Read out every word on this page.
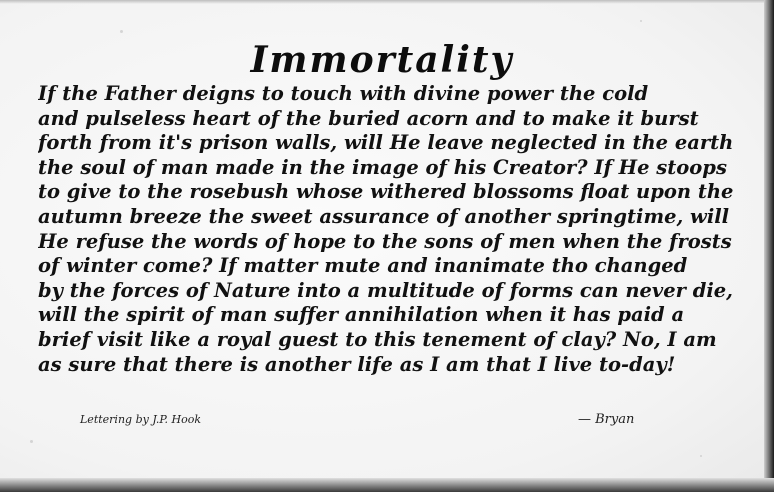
Immortality
If the Father deigns to touch with divine power the cold
and pulseless heart of the buried acorn and to make it burst
forth from it's prison walls, will He leave neglected in the earth
the soul of man made in the image of his Creator? If He stoops
to give to the rosebush whose withered blossoms float upon the
autumn breeze the sweet assurance of another springtime, will
He refuse the words of hope to the sons of men when the frosts
of winter come? If matter mute and inanimate tho changed
by the forces of Nature into a multitude of forms can never die,
will the spirit of man suffer annihilation when it has paid a
brief visit like a royal guest to this tenement of clay? No, I am
as sure that there is another life as I am that I live to-day!
Lettering by J.P. Hook	— Bryan
